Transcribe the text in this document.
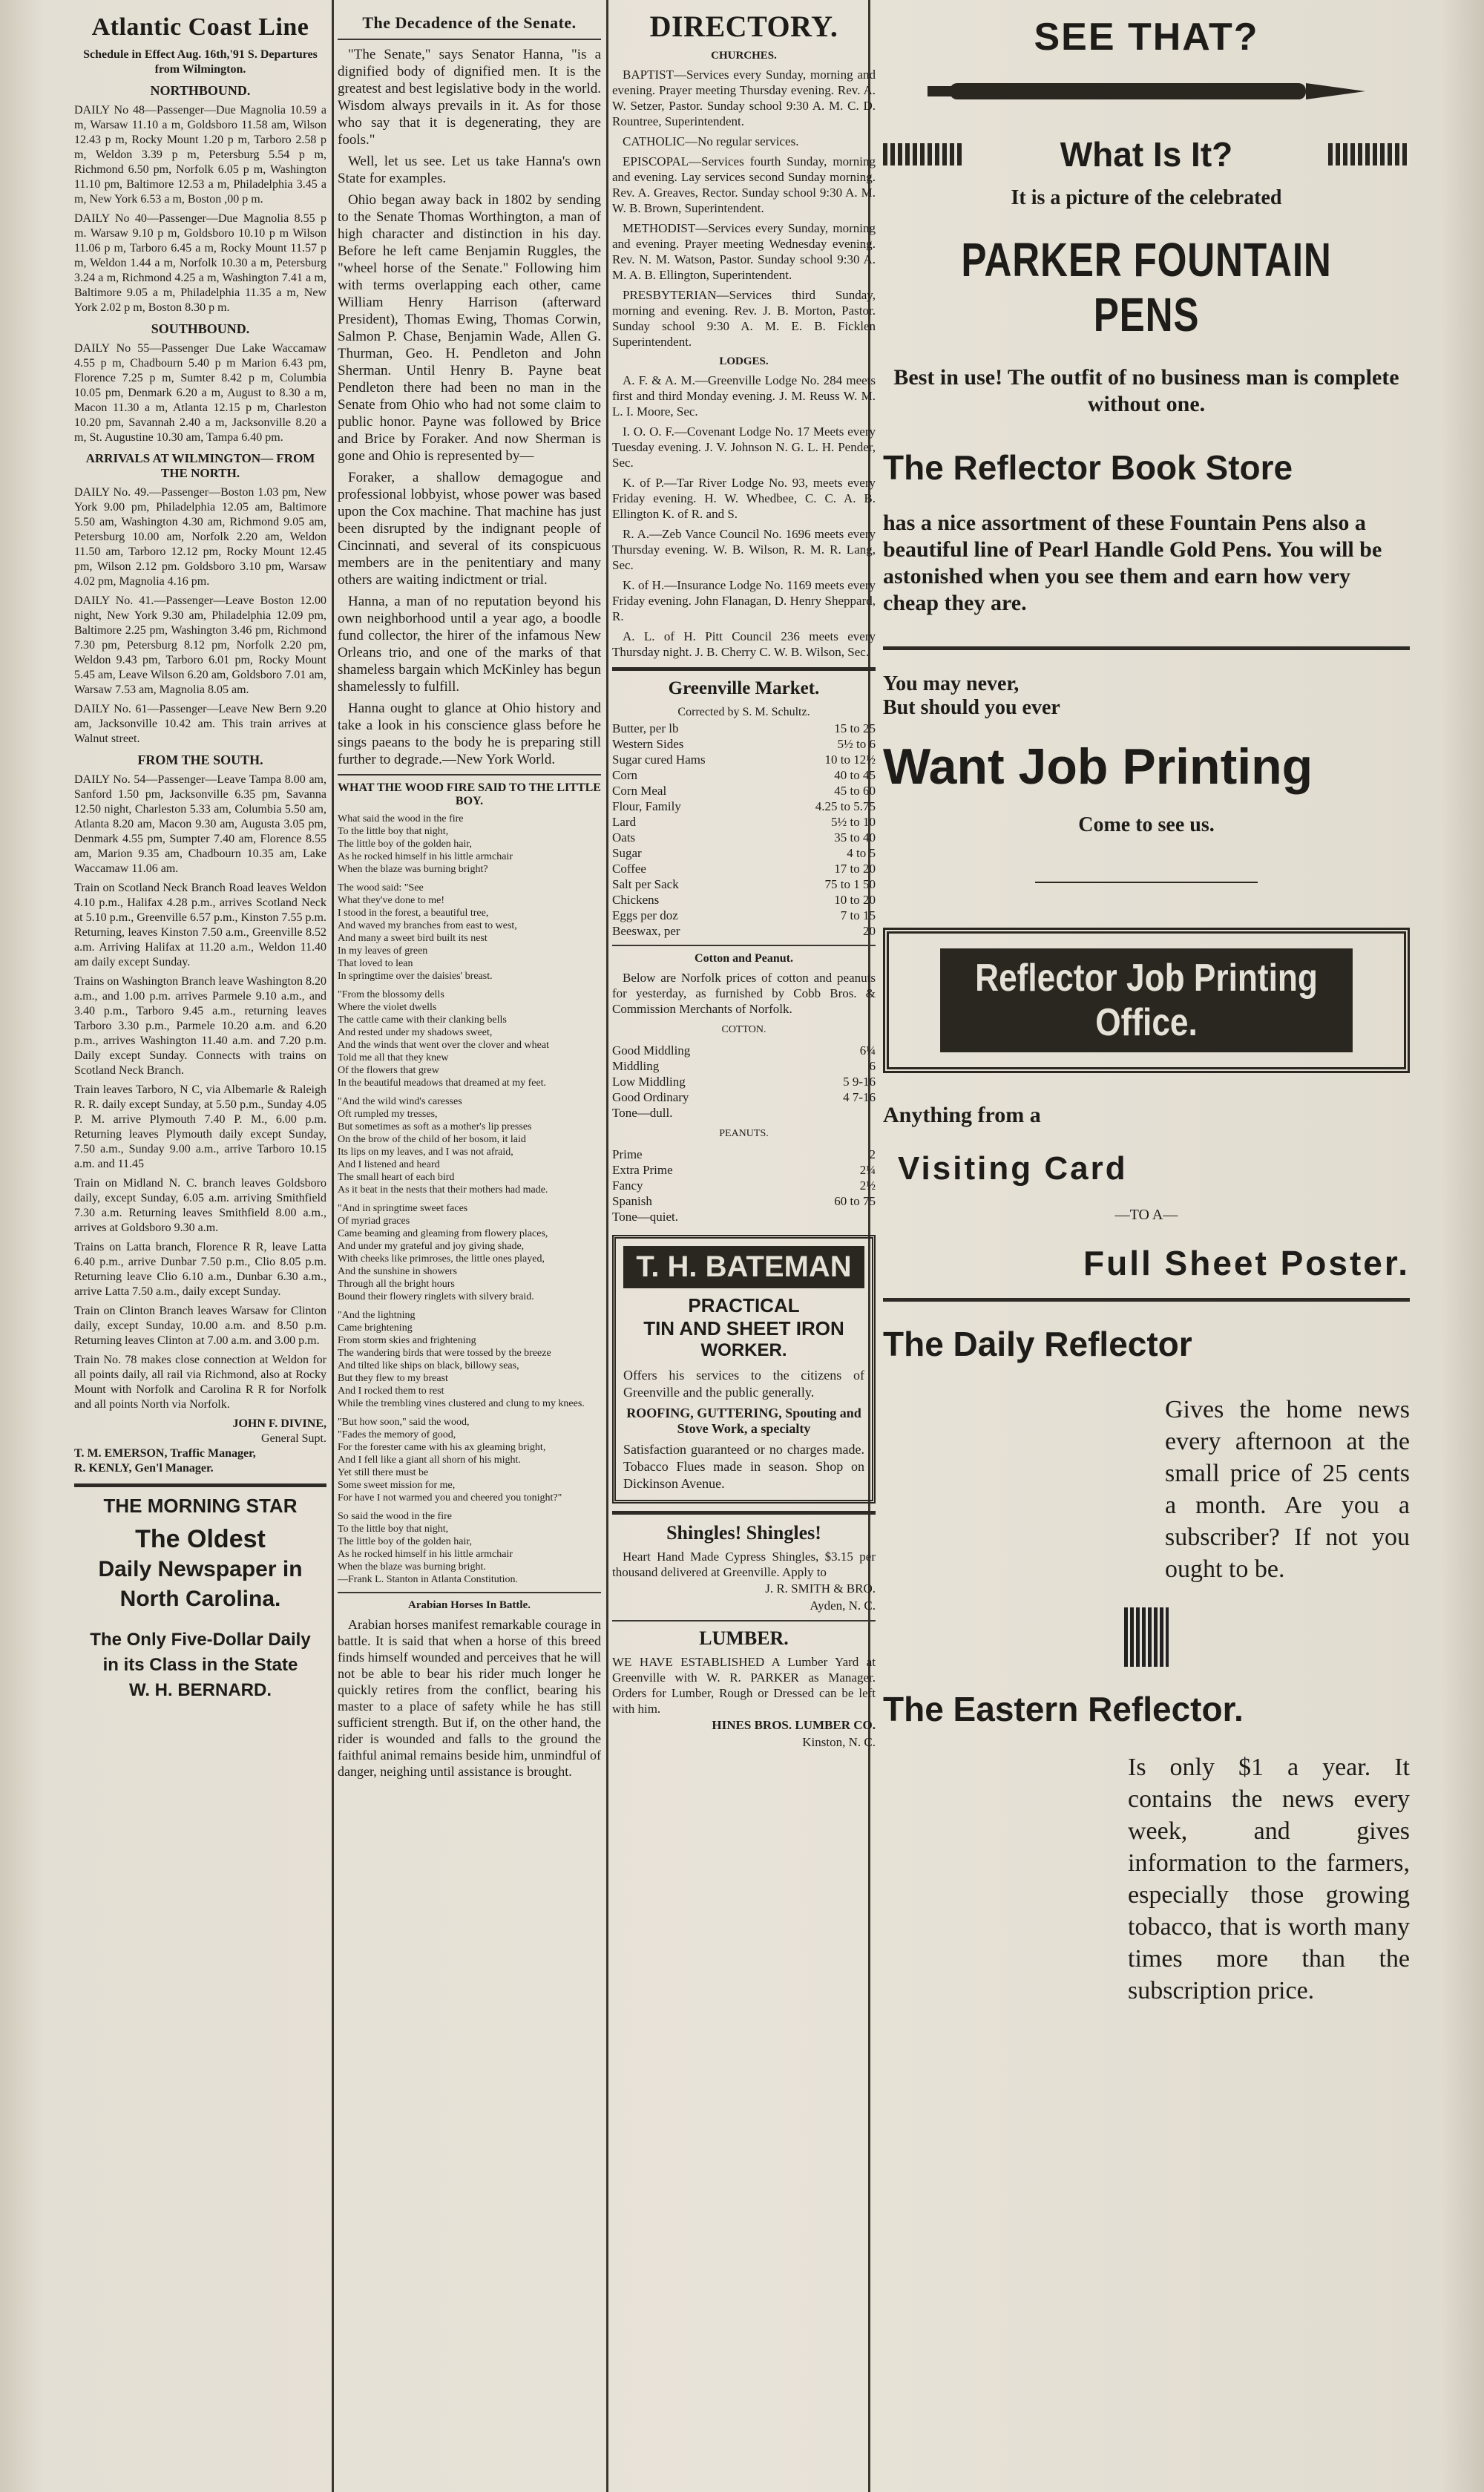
Atlantic Coast Line
Schedule in Effect Aug. 16th,'91 S. Departures from Wilmington.
NORTHBOUND.
DAILY No 48—Passenger—Due Magnolia 10.59 a m, Warsaw 11.10 a m, Goldsboro 11.58 am, Wilson 12.43 p m, Rocky Mount 1.20 p m, Tarboro 2.58 p m, Weldon 3.39 p m, Petersburg 5.54 p m, Richmond 6.50 pm, Norfolk 6.05 p m, Washington 11.10 pm, Baltimore 12.53 a m, Philadelphia 3.45 a m, New York 6.53 a m, Boston ,00 p m.
DAILY No 40—Passenger—Due Magnolia 8.55 p m. Warsaw 9.10 p m, Goldsboro 10.10 p m Wilson 11.06 p m, Tarboro 6.45 a m, Rocky Mount 11.57 p m, Weldon 1.44 a m, Norfolk 10.30 a m, Petersburg 3.24 a m, Richmond 4.25 a m, Washington 7.41 a m, Baltimore 9.05 a m, Philadelphia 11.35 a m, New York 2.02 p m, Boston 8.30 p m.
SOUTHBOUND.
DAILY No 55—Passenger Due Lake Waccamaw 4.55 p m, Chadbourn 5.40 p m Marion 6.43 pm, Florence 7.25 p m, Sumter 8.42 p m, Columbia 10.05 pm, Denmark 6.20 a m, August to 8.30 a m, Macon 11.30 a m, Atlanta 12.15 p m, Charleston 10.20 pm, Savannah 2.40 a m, Jacksonville 8.20 a m, St. Augustine 10.30 am, Tampa 6.40 pm.
ARRIVALS AT WILMINGTON— FROM THE NORTH.
DAILY No. 49.—Passenger—Boston 1.03 pm, New York 9.00 pm, Philadelphia 12.05 am, Baltimore 5.50 am, Washington 4.30 am, Richmond 9.05 am, Petersburg 10.00 am, Norfolk 2.20 am, Weldon 11.50 am, Tarboro 12.12 pm, Rocky Mount 12.45 pm, Wilson 2.12 pm. Goldsboro 3.10 pm, Warsaw 4.02 pm, Magnolia 4.16 pm.
DAILY No. 41.—Passenger—Leave Boston 12.00 night, New York 9.30 am, Philadelphia 12.09 pm, Baltimore 2.25 pm, Washington 3.46 pm, Richmond 7.30 pm, Petersburg 8.12 pm, Norfolk 2.20 pm, Weldon 9.43 pm, Tarboro 6.01 pm, Rocky Mount 5.45 am, Leave Wilson 6.20 am, Goldsboro 7.01 am, Warsaw 7.53 am, Magnolia 8.05 am.
DAILY No. 61—Passenger—Leave New Bern 9.20 am, Jacksonville 10.42 am. This train arrives at Walnut street.
FROM THE SOUTH.
DAILY No. 54—Passenger—Leave Tampa 8.00 am, Sanford 1.50 pm, Jacksonville 6.35 pm, Savanna 12.50 night, Charleston 5.33 am, Columbia 5.50 am, Atlanta 8.20 am, Macon 9.30 am, Augusta 3.05 pm, Denmark 4.55 pm, Sumpter 7.40 am, Florence 8.55 am, Marion 9.35 am, Chadbourn 10.35 am, Lake Waccamaw 11.06 am.
Train on Scotland Neck Branch Road leaves Weldon 4.10 p.m., Halifax 4.28 p.m., arrives Scotland Neck at 5.10 p.m., Greenville 6.57 p.m., Kinston 7.55 p.m. Returning, leaves Kinston 7.50 a.m., Greenville 8.52 a.m. Arriving Halifax at 11.20 a.m., Weldon 11.40 am daily except Sunday.
Trains on Washington Branch leave Washington 8.20 a.m., and 1.00 p.m. arrives Parmele 9.10 a.m., and 3.40 p.m., Tarboro 9.45 a.m., returning leaves Tarboro 3.30 p.m., Parmele 10.20 a.m. and 6.20 p.m., arrives Washington 11.40 a.m. and 7.20 p.m. Daily except Sunday. Connects with trains on Scotland Neck Branch.
Train leaves Tarboro, N C, via Albemarle & Raleigh R. R. daily except Sunday, at 5.50 p.m., Sunday 4.05 P. M. arrive Plymouth 7.40 P. M., 6.00 p.m. Returning leaves Plymouth daily except Sunday, 7.50 a.m., Sunday 9.00 a.m., arrive Tarboro 10.15 a.m. and 11.45
Train on Midland N. C. branch leaves Goldsboro daily, except Sunday, 6.05 a.m. arriving Smithfield 7.30 a.m. Returning leaves Smithfield 8.00 a.m., arrives at Goldsboro 9.30 a.m.
Trains on Latta branch, Florence R R, leave Latta 6.40 p.m., arrive Dunbar 7.50 p.m., Clio 8.05 p.m. Returning leave Clio 6.10 a.m., Dunbar 6.30 a.m., arrive Latta 7.50 a.m., daily except Sunday.
Train on Clinton Branch leaves Warsaw for Clinton daily, except Sunday, 10.00 a.m. and 8.50 p.m. Returning leaves Clinton at 7.00 a.m. and 3.00 p.m.
Train No. 78 makes close connection at Weldon for all points daily, all rail via Richmond, also at Rocky Mount with Norfolk and Carolina R R for Norfolk and all points North via Norfolk.
JOHN F. DIVINE,
General Supt.
T. M. EMERSON, Traffic Manager,
R. KENLY, Gen'l Manager.
THE MORNING STAR
The Oldest
Daily Newspaper in
North Carolina.
The Only Five-Dollar Daily
in its Class in the State
W. H. BERNARD.
The Decadence of the Senate.
"The Senate," says Senator Hanna, "is a dignified body of dignified men. It is the greatest and best legislative body in the world. Wisdom always prevails in it. As for those who say that it is degenerating, they are fools."
Well, let us see. Let us take Hanna's own State for examples.
Ohio began away back in 1802 by sending to the Senate Thomas Worthington, a man of high character and distinction in his day. Before he left came Benjamin Ruggles, the "wheel horse of the Senate." Following him with terms overlapping each other, came William Henry Harrison (afterward President), Thomas Ewing, Thomas Corwin, Salmon P. Chase, Benjamin Wade, Allen G. Thurman, Geo. H. Pendleton and John Sherman. Until Henry B. Payne beat Pendleton there had been no man in the Senate from Ohio who had not some claim to public honor. Payne was followed by Brice and Brice by Foraker. And now Sherman is gone and Ohio is represented by—
Foraker, a shallow demagogue and professional lobbyist, whose power was based upon the Cox machine. That machine has just been disrupted by the indignant people of Cincinnati, and several of its conspicuous members are in the penitentiary and many others are waiting indictment or trial.
Hanna, a man of no reputation beyond his own neighborhood until a year ago, a boodle fund collector, the hirer of the infamous New Orleans trio, and one of the marks of that shameless bargain which McKinley has begun shamelessly to fulfill.
Hanna ought to glance at Ohio history and take a look in his conscience glass before he sings paeans to the body he is preparing still further to degrade.—New York World.
WHAT THE WOOD FIRE SAID TO THE LITTLE BOY.
What said the wood in the fire
To the little boy that night,
The little boy of the golden hair,
As he rocked himself in his little armchair
When the blaze was burning bright?
The wood said: "See
What they've done to me!
I stood in the forest, a beautiful tree,
And waved my branches from east to west,
And many a sweet bird built its nest
In my leaves of green
That loved to lean
In springtime over the daisies' breast.
"From the blossomy dells
Where the violet dwells
The cattle came with their clanking bells
And rested under my shadows sweet,
And the winds that went over the clover and wheat
Told me all that they knew
Of the flowers that grew
In the beautiful meadows that dreamed at my feet.
"And the wild wind's caresses
Oft rumpled my tresses,
But sometimes as soft as a mother's lip presses
On the brow of the child of her bosom, it laid
Its lips on my leaves, and I was not afraid,
And I listened and heard
The small heart of each bird
As it beat in the nests that their mothers had made.
"And in springtime sweet faces
Of myriad graces
Came beaming and gleaming from flowery places,
And under my grateful and joy giving shade,
With cheeks like primroses, the little ones played,
And the sunshine in showers
Through all the bright hours
Bound their flowery ringlets with silvery braid.
"And the lightning
Came brightening
From storm skies and frightening
The wandering birds that were tossed by the breeze
And tilted like ships on black, billowy seas,
But they flew to my breast
And I rocked them to rest
While the trembling vines clustered and clung to my knees.
"But how soon," said the wood,
"Fades the memory of good,
For the forester came with his ax gleaming bright,
And I fell like a giant all shorn of his might.
Yet still there must be
Some sweet mission for me,
For have I not warmed you and cheered you tonight?"
So said the wood in the fire
To the little boy that night,
The little boy of the golden hair,
As he rocked himself in his little armchair
When the blaze was burning bright.
—Frank L. Stanton in Atlanta Constitution.
Arabian Horses In Battle.
Arabian horses manifest remarkable courage in battle. It is said that when a horse of this breed finds himself wounded and perceives that he will not be able to bear his rider much longer he quickly retires from the conflict, bearing his master to a place of safety while he has still sufficient strength. But if, on the other hand, the rider is wounded and falls to the ground the faithful animal remains beside him, unmindful of danger, neighing until assistance is brought.
DIRECTORY.
CHURCHES.
BAPTIST—Services every Sunday, morning and evening. Prayer meeting Thursday evening. Rev. A. W. Setzer, Pastor. Sunday school 9:30 A. M. C. D. Rountree, Superintendent.
CATHOLIC—No regular services.
EPISCOPAL—Services fourth Sunday, morning and evening. Lay services second Sunday morning. Rev. A. Greaves, Rector. Sunday school 9:30 A. M. W. B. Brown, Superintendent.
METHODIST—Services every Sunday, morning and evening. Prayer meeting Wednesday evening. Rev. N. M. Watson, Pastor. Sunday school 9:30 A. M. A. B. Ellington, Superintendent.
PRESBYTERIAN—Services third Sunday, morning and evening. Rev. J. B. Morton, Pastor. Sunday school 9:30 A. M. E. B. Ficklen Superintendent.
LODGES.
A. F. & A. M.—Greenville Lodge No. 284 meets first and third Monday evening. J. M. Reuss W. M. L. I. Moore, Sec.
I. O. O. F.—Covenant Lodge No. 17 Meets every Tuesday evening. J. V. Johnson N. G. L. H. Pender, Sec.
K. of P.—Tar River Lodge No. 93, meets every Friday evening. H. W. Whedbee, C. C. A. B. Ellington K. of R. and S.
R. A.—Zeb Vance Council No. 1696 meets every Thursday evening. W. B. Wilson, R. M. R. Lang, Sec.
K. of H.—Insurance Lodge No. 1169 meets every Friday evening. John Flanagan, D. Henry Sheppard, R.
A. L. of H. Pitt Council 236 meets every Thursday night. J. B. Cherry C. W. B. Wilson, Sec.
Greenville Market.
Corrected by S. M. Schultz.
Butter, per lb	15 to 25
Western Sides	5½ to 6
Sugar cured Hams	10 to 12½
Corn	40 to 45
Corn Meal	45 to 60
Flour, Family	4.25 to 5.75
Lard	5½ to 10
Oats	35 to 40
Sugar	4 to 5
Coffee	17 to 20
Salt per Sack	75 to 1 50
Chickens	10 to 20
Eggs per doz	7 to 15
Beeswax, per	20
Cotton and Peanut.
Below are Norfolk prices of cotton and peanuts for yesterday, as furnished by Cobb Bros. & Commission Merchants of Norfolk.
COTTON.
Good Middling	6¼
Middling	6
Low Middling	5 9-16
Good Ordinary	4 7-16
Tone—dull.
PEANUTS.
Prime	2
Extra Prime	2¼
Fancy	2½
Spanish	60 to 75
Tone—quiet.
T. H. BATEMAN
PRACTICAL
TIN AND SHEET IRON
WORKER.
Offers his services to the citizens of Greenville and the public generally.
ROOFING, GUTTERING, Spouting and Stove Work, a specialty
Satisfaction guaranteed or no charges made. Tobacco Flues made in season. Shop on Dickinson Avenue.
Shingles! Shingles!
Heart Hand Made Cypress Shingles, $3.15 per thousand delivered at Greenville. Apply to
J. R. SMITH & BRO.
Ayden, N. C.
LUMBER.
WE HAVE ESTABLISHED A Lumber Yard at Greenville with W. R. PARKER as Manager. Orders for Lumber, Rough or Dressed can be left with him.
HINES BROS. LUMBER CO.
Kinston, N. C.
SEE THAT?
What Is It?
It is a picture of the celebrated
PARKER FOUNTAIN PENS
Best in use! The outfit of no business man is complete without one.
The Reflector Book Store
has a nice assortment of these Fountain Pens also a beautiful line of Pearl Handle Gold Pens. You will be astonished when you see them and earn how very cheap they are.
You may never,
But should you ever
Want Job Printing
Come to see us.
Reflector Job Printing Office.
Anything from a
Visiting Card
—TO A—
Full Sheet Poster.
The Daily Reflector
Gives the home news every afternoon at the small price of 25 cents a month. Are you a subscriber? If not you ought to be.
The Eastern Reflector.
Is only $1 a year. It contains the news every week, and gives information to the farmers, especially those growing tobacco, that is worth many times more than the subscription price.
